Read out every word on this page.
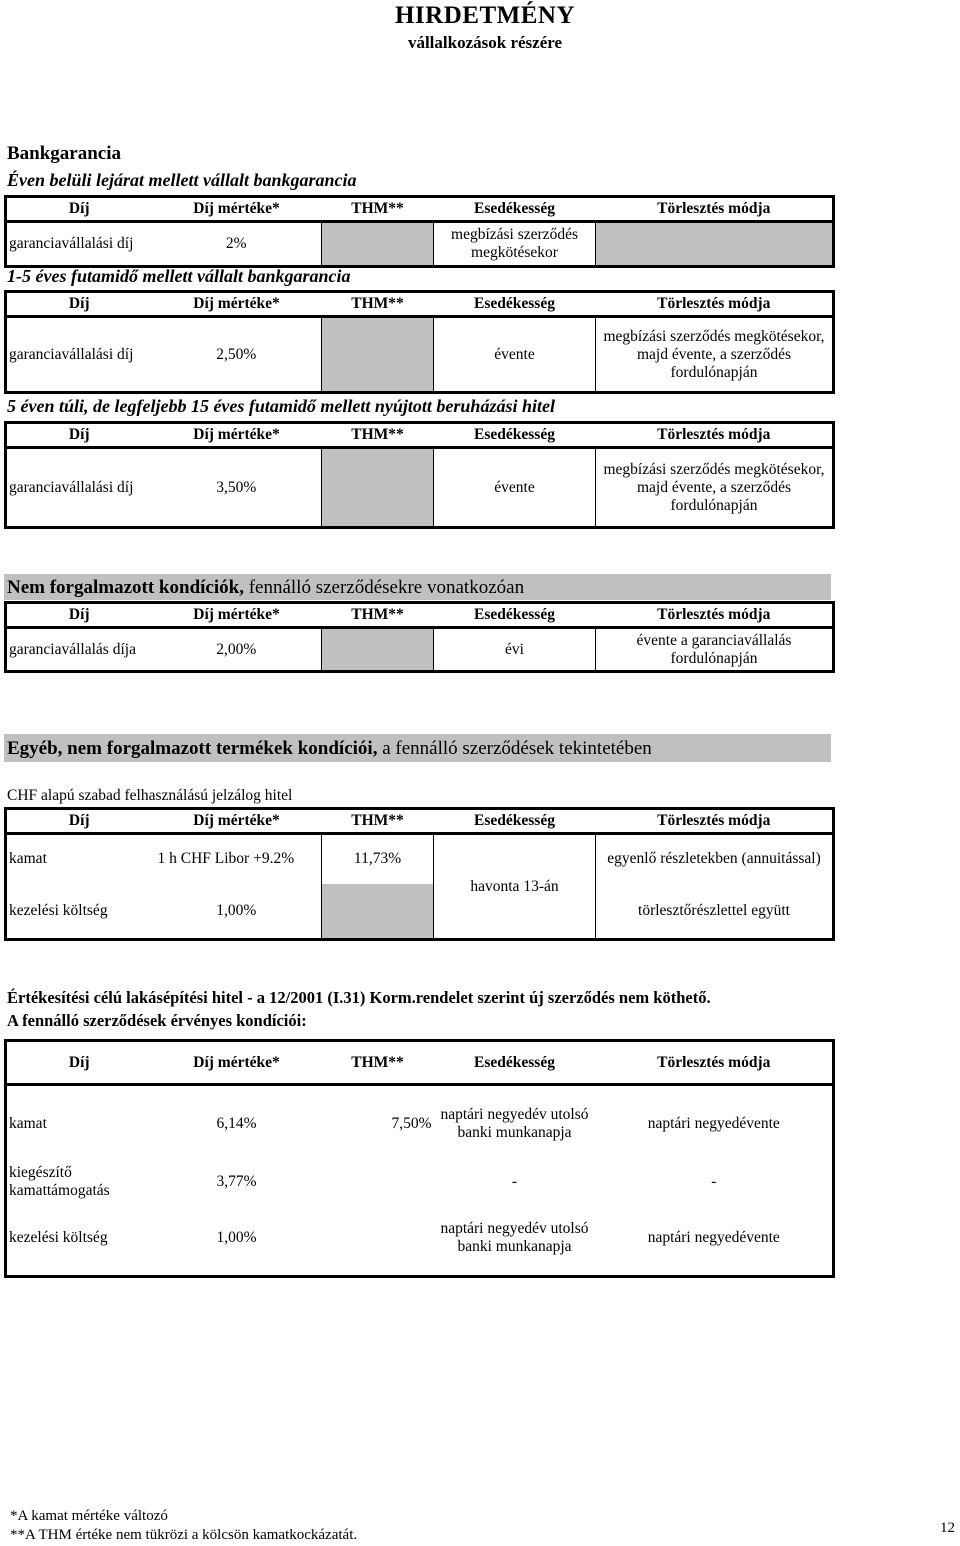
HIRDETMÉNY
vállalkozások részére
Bankgarancia
Éven belüli lejárat mellett vállalt bankgarancia
Díj	Díj mértéke*	THM**	Esedékesség	Törlesztés módja
garanciavállalási díj	2%		megbízási szerződés megkötésekor	
1-5 éves futamidő mellett vállalt bankgarancia
Díj	Díj mértéke*	THM**	Esedékesség	Törlesztés módja
garanciavállalási díj	2,50%		évente	megbízási szerződés megkötésekor, majd évente, a szerződés fordulónapján
5 éven túli, de legfeljebb 15 éves futamidő mellett nyújtott beruházási hitel
Díj	Díj mértéke*	THM**	Esedékesség	Törlesztés módja
garanciavállalási díj	3,50%		évente	megbízási szerződés megkötésekor, majd évente, a szerződés fordulónapján
Nem forgalmazott kondíciók, fennálló szerződésekre vonatkozóan
Díj	Díj mértéke*	THM**	Esedékesség	Törlesztés módja
garanciavállalás díja	2,00%		évi	évente a garanciavállalás fordulónapján
Egyéb, nem forgalmazott termékek kondíciói, a fennálló szerződések tekintetében
CHF alapú szabad felhasználású jelzálog hitel
Díj	Díj mértéke*	THM**	Esedékesség	Törlesztés módja
kamat	1 h CHF Libor +9.2%	11,73%	havonta 13-án	egyenlő részletekben (annuitással)
kezelési költség	1,00%			törlesztőrészlettel együtt
Értékesítési célú lakásépítési hitel - a 12/2001 (I.31) Korm.rendelet szerint új szerződés nem köthető.
A fennálló szerződések érvényes kondíciói:
Díj	Díj mértéke*	THM**	Esedékesség	Törlesztés módja
kamat	6,14%	7,50%	naptári negyedév utolsó banki munkanapja	naptári negyedévente
kiegészítő kamattámogatás	3,77%		-	-
kezelési költség	1,00%		naptári negyedév utolsó banki munkanapja	naptári negyedévente
*A kamat mértéke változó
**A THM értéke nem tükrözi a kölcsön kamatkockázatát.	12
